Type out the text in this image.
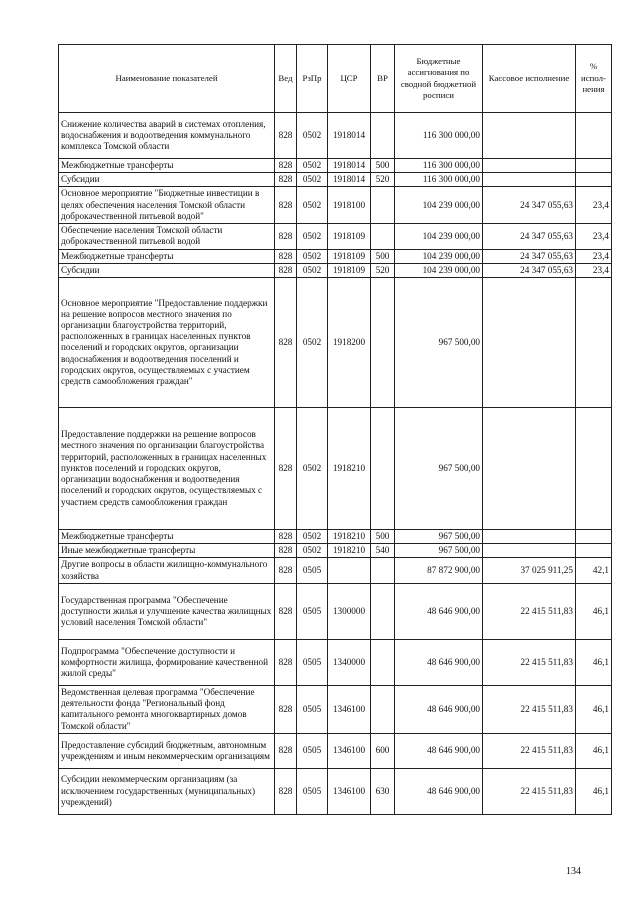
Наименование показателей	Вед	РзПр	ЦСР	ВР	Бюджетные ассигнования по сводной бюджетной росписи	Кассовое исполнение	% испол-нения
Снижение количества аварий в системах отопления, водоснабжения и водоотведения коммунального комплекса Томской области	828	0502	1918014		116 300 000,00		
Межбюджетные трансферты	828	0502	1918014	500	116 300 000,00		
Субсидии	828	0502	1918014	520	116 300 000,00		
Основное мероприятие "Бюджетные инвестиции в целях обеспечения населения Томской области доброкачественной питьевой водой"	828	0502	1918100		104 239 000,00	24 347 055,63	23,4
Обеспечение населения Томской области доброкачественной питьевой водой	828	0502	1918109		104 239 000,00	24 347 055,63	23,4
Межбюджетные трансферты	828	0502	1918109	500	104 239 000,00	24 347 055,63	23,4
Субсидии	828	0502	1918109	520	104 239 000,00	24 347 055,63	23,4
Основное мероприятие "Предоставление поддержки на решение вопросов местного значения по организации благоустройства территорий, расположенных в границах населенных пунктов поселений и городских округов, организации водоснабжения и водоотведения поселений и городских округов, осуществляемых с участием средств самообложения граждан"	828	0502	1918200		967 500,00		
Предоставление поддержки на решение вопросов местного значения по организации благоустройства территорий, расположенных в границах населенных пунктов поселений и городских округов, организации водоснабжения и водоотведения поселений и городских округов, осуществляемых с участием средств самообложения граждан	828	0502	1918210		967 500,00		
Межбюджетные трансферты	828	0502	1918210	500	967 500,00		
Иные межбюджетные трансферты	828	0502	1918210	540	967 500,00		
Другие вопросы в области жилищно-коммунального хозяйства	828	0505			87 872 900,00	37 025 911,25	42,1
Государственная программа "Обеспечение доступности жилья и улучшение качества жилищных условий населения Томской области"	828	0505	1300000		48 646 900,00	22 415 511,83	46,1
Подпрограмма "Обеспечение доступности и комфортности жилища, формирование качественной жилой среды"	828	0505	1340000		48 646 900,00	22 415 511,83	46,1
Ведомственная целевая программа "Обеспечение деятельности фонда "Региональный фонд капитального ремонта многоквартирных домов Томской области"	828	0505	1346100		48 646 900,00	22 415 511,83	46,1
Предоставление субсидий бюджетным, автономным учреждениям и иным некоммерческим организациям	828	0505	1346100	600	48 646 900,00	22 415 511,83	46,1
Субсидии некоммерческим организациям (за исключением государственных (муниципальных) учреждений)	828	0505	1346100	630	48 646 900,00	22 415 511,83	46,1
134
